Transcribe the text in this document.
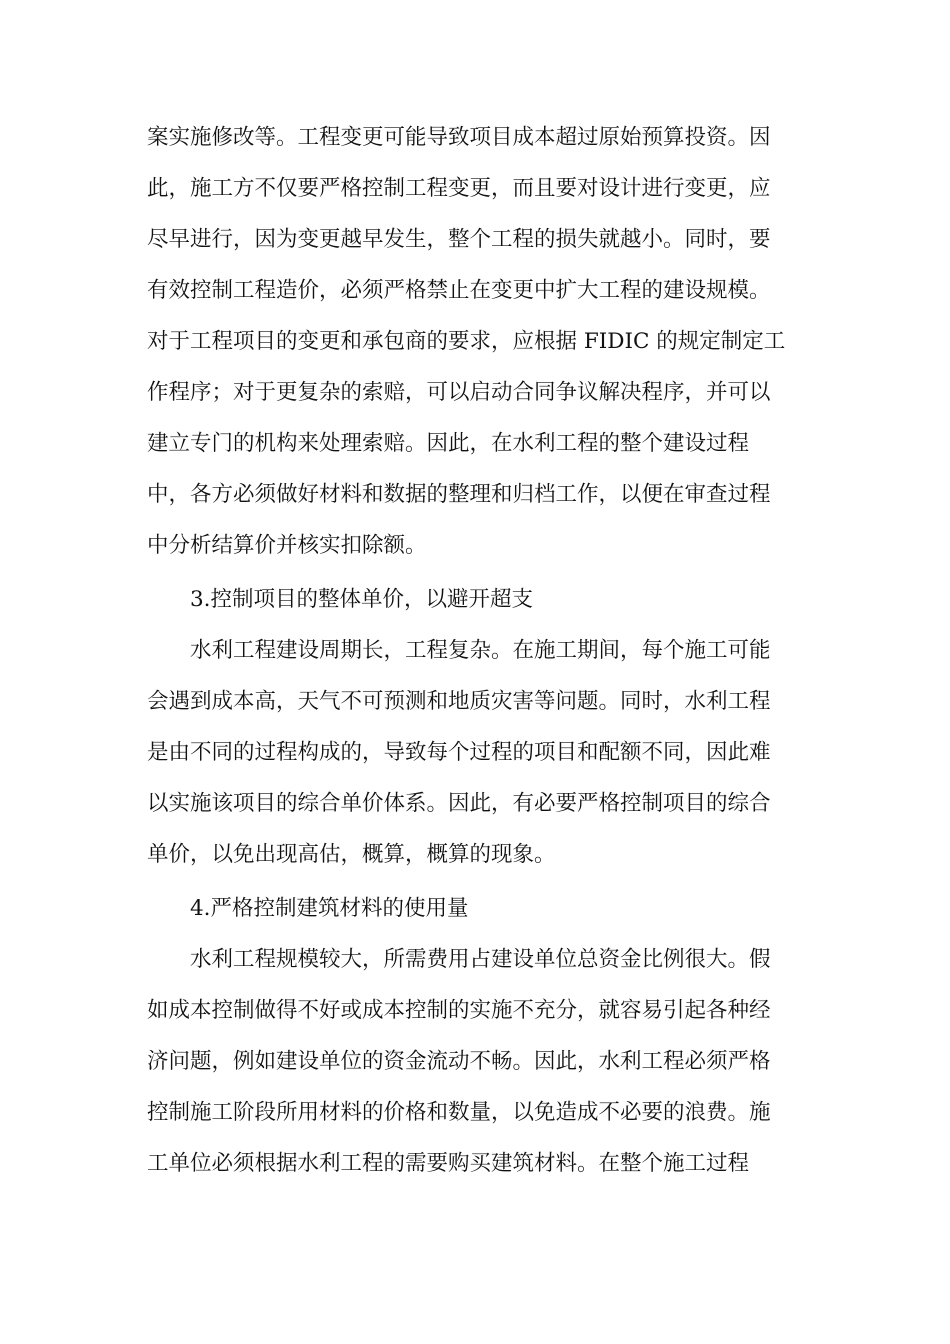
案实施修改等。工程变更可能导致项目成本超过原始预算投资。因
此，施工方不仅要严格控制工程变更，而且要对设计进行变更，应
尽早进行，因为变更越早发生，整个工程的损失就越小。同时，要
有效控制工程造价，必须严格禁止在变更中扩大工程的建设规模。
对于工程项目的变更和承包商的要求，应根据 FIDIC 的规定制定工
作程序；对于更复杂的索赔，可以启动合同争议解决程序，并可以
建立专门的机构来处理索赔。因此，在水利工程的整个建设过程
中，各方必须做好材料和数据的整理和归档工作，以便在审查过程
中分析结算价并核实扣除额。
3.控制项目的整体单价，以避开超支
水利工程建设周期长，工程复杂。在施工期间，每个施工可能
会遇到成本高，天气不可预测和地质灾害等问题。同时，水利工程
是由不同的过程构成的，导致每个过程的项目和配额不同，因此难
以实施该项目的综合单价体系。因此，有必要严格控制项目的综合
单价，以免出现高估，概算，概算的现象。
4.严格控制建筑材料的使用量
水利工程规模较大，所需费用占建设单位总资金比例很大。假
如成本控制做得不好或成本控制的实施不充分，就容易引起各种经
济问题，例如建设单位的资金流动不畅。因此，水利工程必须严格
控制施工阶段所用材料的价格和数量，以免造成不必要的浪费。施
工单位必须根据水利工程的需要购买建筑材料。在整个施工过程
